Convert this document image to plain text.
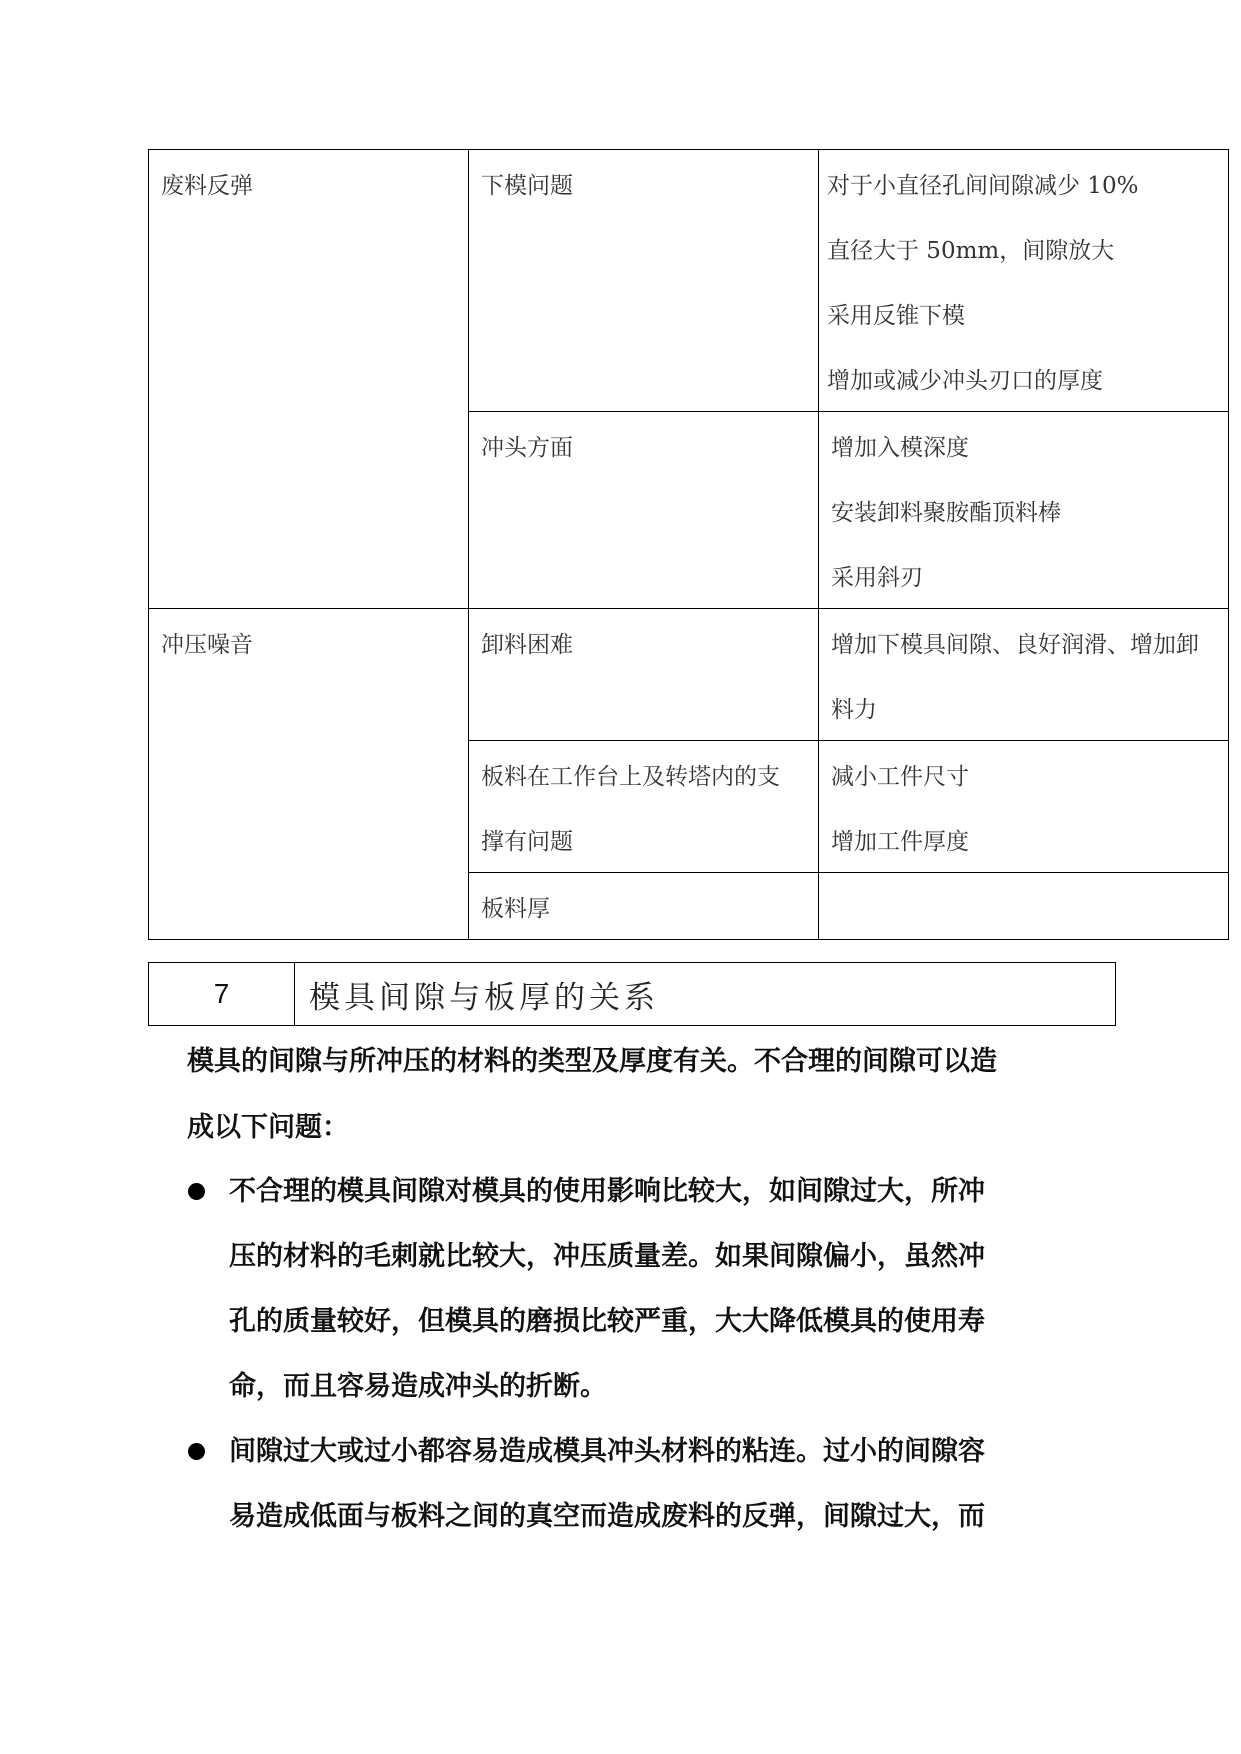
废料反弹	下模问题	对于小直径孔间间隙减少 10%
直径大于 50mm，间隙放大
采用反锥下模
增加或减少冲头刃口的厚度

	冲头方面	增加入模深度
安装卸料聚胺酯顶料棒
采用斜刃

冲压噪音	卸料困难	增加下模具间隙、良好润滑、增加卸
料力

	板料在工作台上及转塔内的支
撑有问题	减小工件尺寸
增加工件厚度

	板料厚	

7	模具间隙与板厚的关系
模具的间隙与所冲压的材料的类型及厚度有关。不合理的间隙可以造
成以下问题：
不合理的模具间隙对模具的使用影响比较大，如间隙过大，所冲
压的材料的毛刺就比较大，冲压质量差。如果间隙偏小，虽然冲
孔的质量较好，但模具的磨损比较严重，大大降低模具的使用寿
命，而且容易造成冲头的折断。
间隙过大或过小都容易造成模具冲头材料的粘连。过小的间隙容
易造成低面与板料之间的真空而造成废料的反弹，间隙过大，而
